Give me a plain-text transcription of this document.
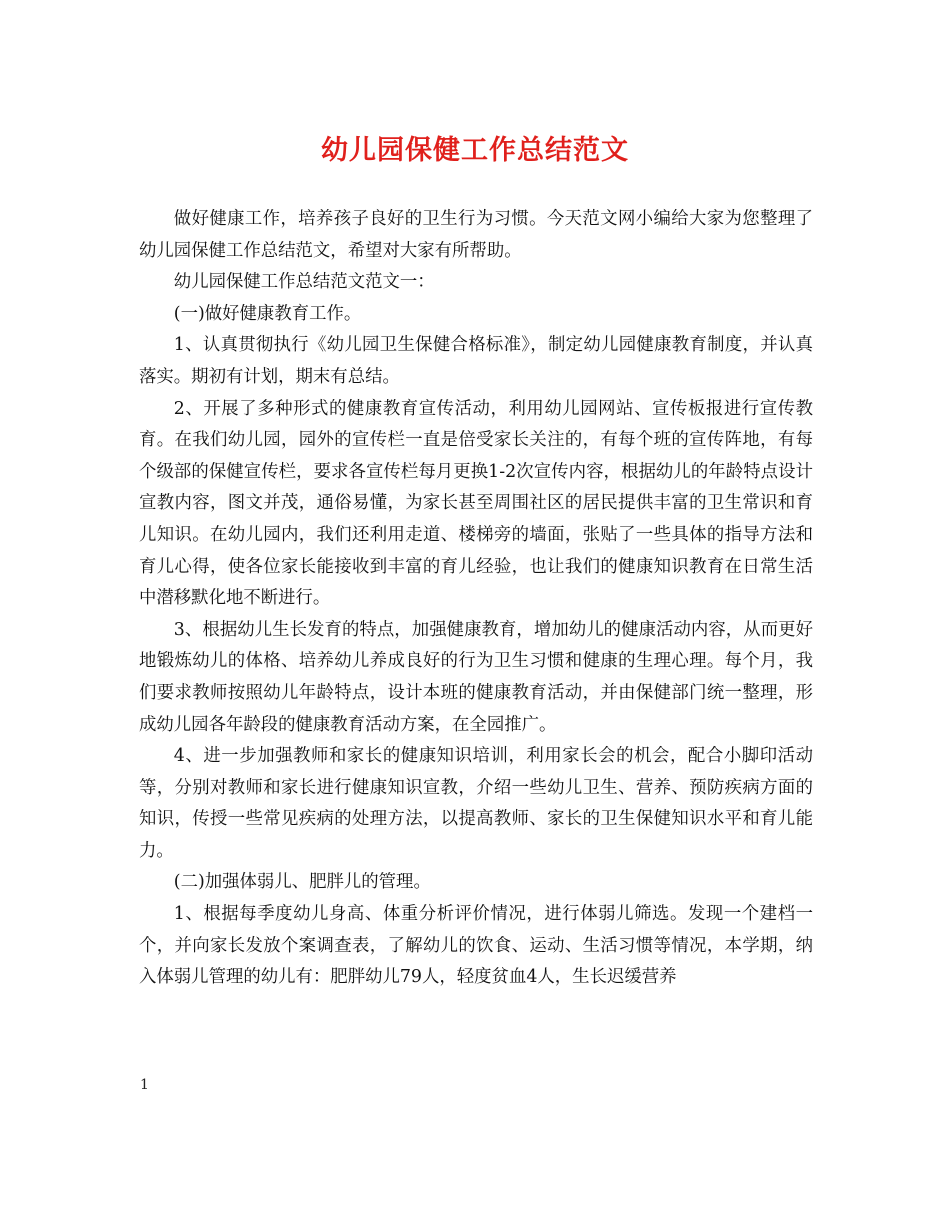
幼儿园保健工作总结范文

做好健康工作，培养孩子良好的卫生行为习惯。今天范文网小编给大家为您整理了幼儿园保健工作总结范文，希望对大家有所帮助。

幼儿园保健工作总结范文范文一：

(一)做好健康教育工作。

1、认真贯彻执行《幼儿园卫生保健合格标准》，制定幼儿园健康教育制度，并认真落实。期初有计划，期末有总结。

2、开展了多种形式的健康教育宣传活动，利用幼儿园网站、宣传板报进行宣传教育。在我们幼儿园，园外的宣传栏一直是倍受家长关注的，有每个班的宣传阵地，有每个级部的保健宣传栏，要求各宣传栏每月更换1-2次宣传内容，根据幼儿的年龄特点设计宣教内容，图文并茂，通俗易懂，为家长甚至周围社区的居民提供丰富的卫生常识和育儿知识。在幼儿园内，我们还利用走道、楼梯旁的墙面，张贴了一些具体的指导方法和育儿心得，使各位家长能接收到丰富的育儿经验，也让我们的健康知识教育在日常生活中潜移默化地不断进行。

3、根据幼儿生长发育的特点，加强健康教育，增加幼儿的健康活动内容，从而更好地锻炼幼儿的体格、培养幼儿养成良好的行为卫生习惯和健康的生理心理。每个月，我们要求教师按照幼儿年龄特点，设计本班的健康教育活动，并由保健部门统一整理，形成幼儿园各年龄段的健康教育活动方案，在全园推广。

4、进一步加强教师和家长的健康知识培训，利用家长会的机会，配合小脚印活动等，分别对教师和家长进行健康知识宣教，介绍一些幼儿卫生、营养、预防疾病方面的知识，传授一些常见疾病的处理方法，以提高教师、家长的卫生保健知识水平和育儿能力。

(二)加强体弱儿、肥胖儿的管理。

1、根据每季度幼儿身高、体重分析评价情况，进行体弱儿筛选。发现一个建档一个，并向家长发放个案调查表，了解幼儿的饮食、运动、生活习惯等情况，本学期，纳入体弱儿管理的幼儿有：肥胖幼儿79人，轻度贫血4人，生长迟缓营养

1
